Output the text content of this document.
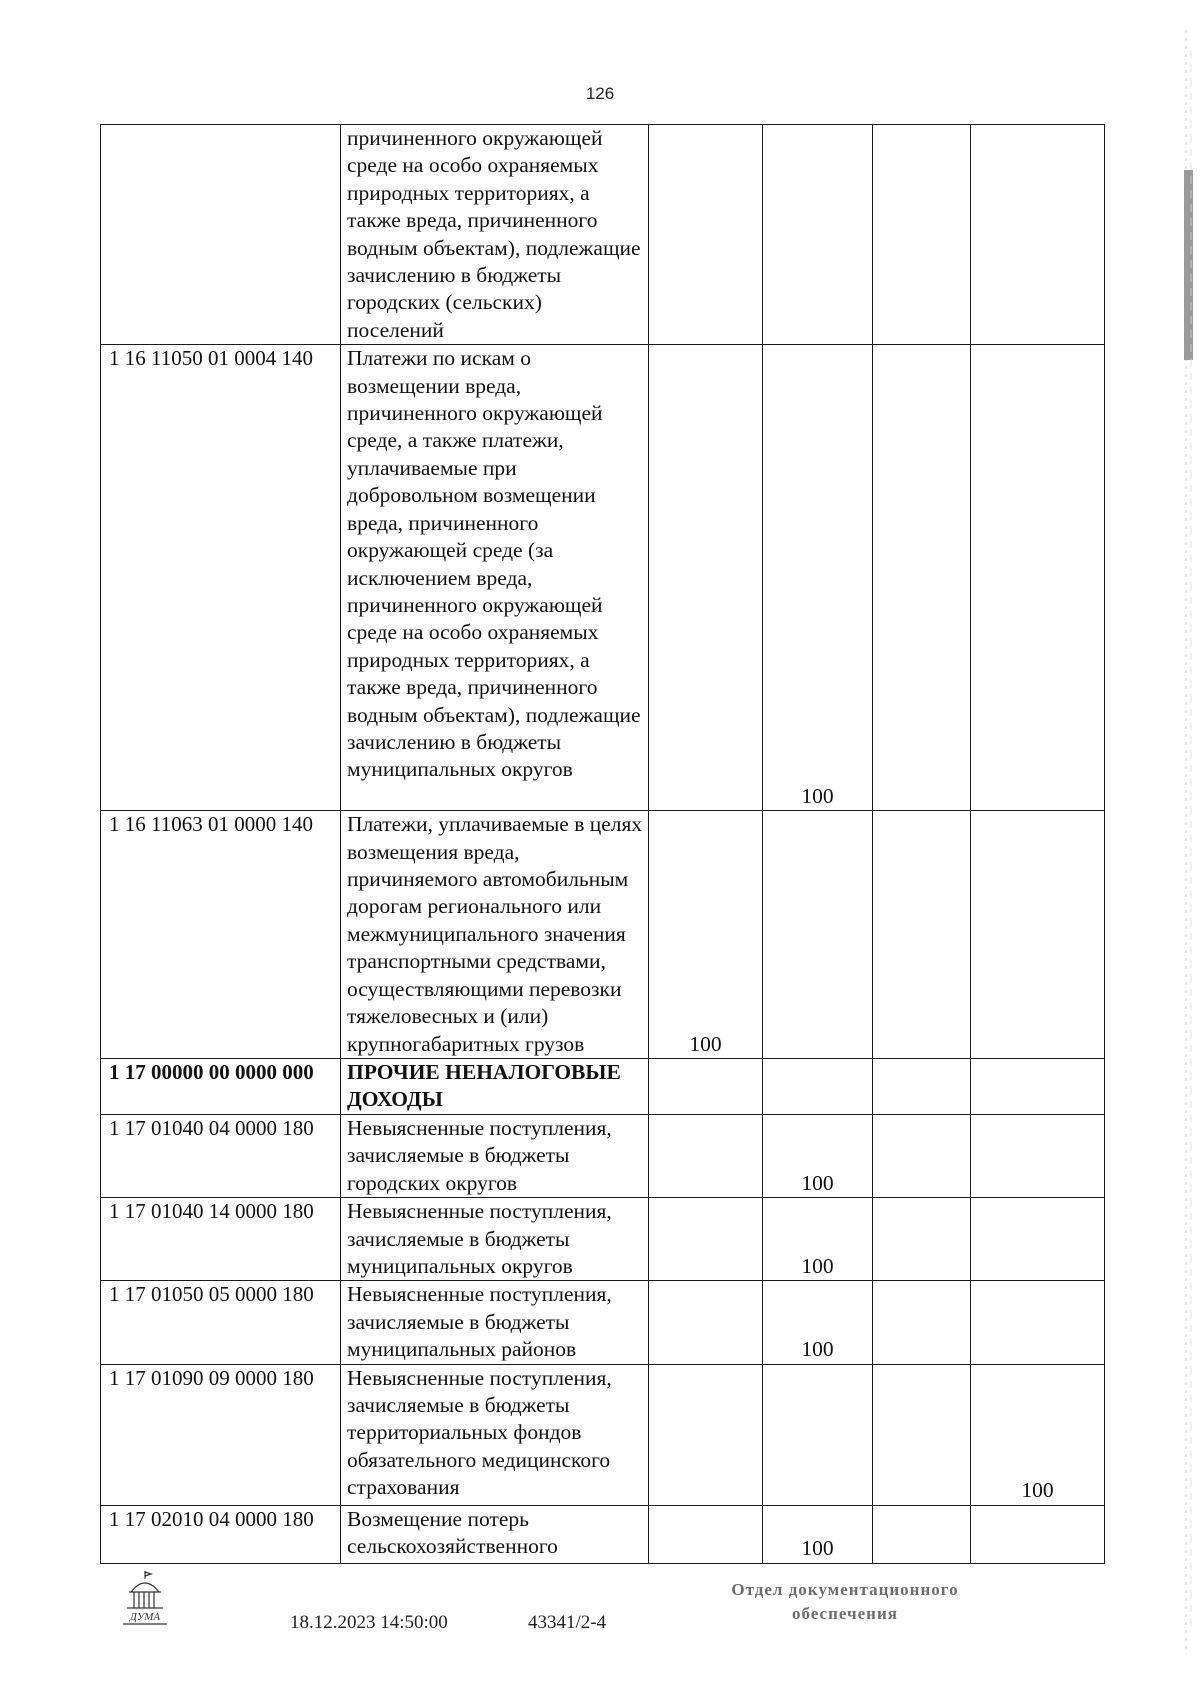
126
	причиненного окружающей среде на особо охраняемых природных территориях, а также вреда, причиненного водным объектам), подлежащие зачислению в бюджеты городских (сельских) поселений				
1 16 11050 01 0004 140	Платежи по искам о возмещении вреда, причиненного окружающей среде, а также платежи, уплачиваемые при добровольном возмещении вреда, причиненного окружающей среде (за исключением вреда, причиненного окружающей среде на особо охраняемых природных территориях, а также вреда, причиненного водным объектам), подлежащие зачислению в бюджеты муниципальных округов		100		
1 16 11063 01 0000 140	Платежи, уплачиваемые в целях возмещения вреда, причиняемого автомобильным дорогам регионального или межмуниципального значения транспортными средствами, осуществляющими перевозки тяжеловесных и (или) крупногабаритных грузов	100			
1 17 00000 00 0000 000	ПРОЧИЕ НЕНАЛОГОВЫЕ ДОХОДЫ				
1 17 01040 04 0000 180	Невыясненные поступления, зачисляемые в бюджеты городских округов		100		
1 17 01040 14 0000 180	Невыясненные поступления, зачисляемые в бюджеты муниципальных округов		100		
1 17 01050 05 0000 180	Невыясненные поступления, зачисляемые в бюджеты муниципальных районов		100		
1 17 01090 09 0000 180	Невыясненные поступления, зачисляемые в бюджеты территориальных фондов обязательного медицинского страхования				100
1 17 02010 04 0000 180	Возмещение потерь сельскохозяйственного		100		
ДУМА	18.12.2023 14:50:00	43341/2-4
Отдел документационного
обеспечения
